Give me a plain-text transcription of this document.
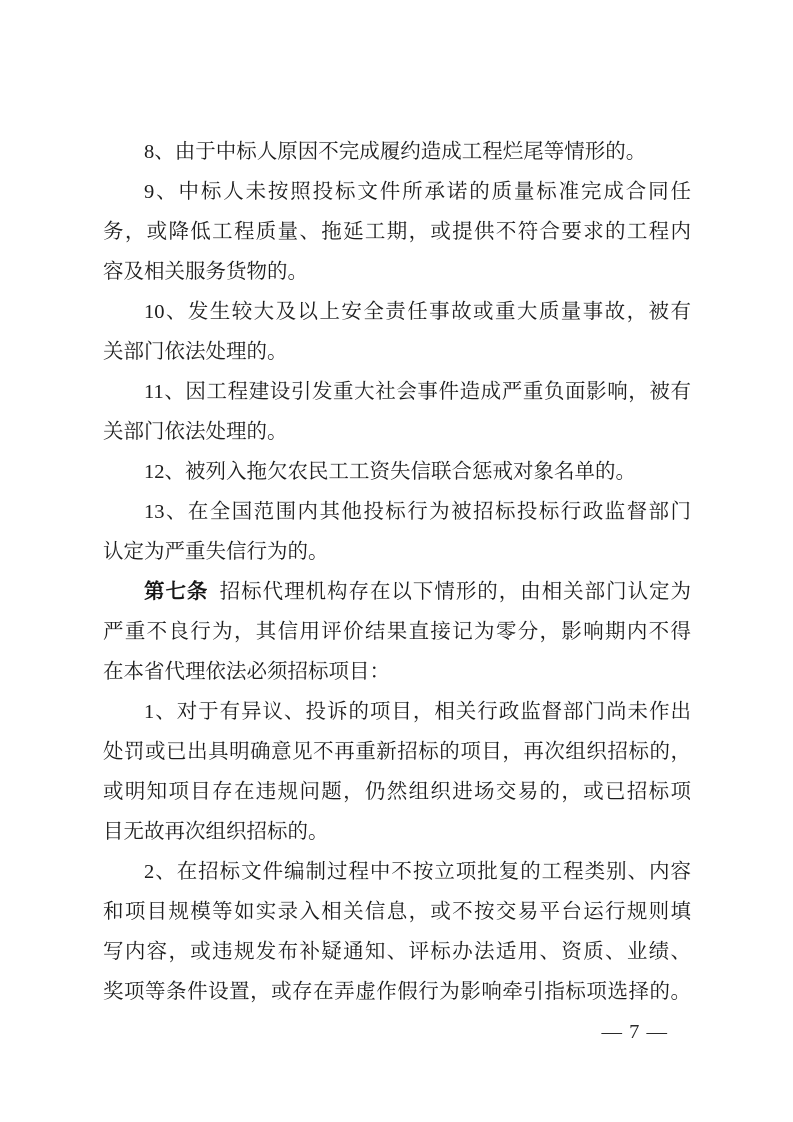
8、由于中标人原因不完成履约造成工程烂尾等情形的。
9、中标人未按照投标文件所承诺的质量标准完成合同任
务，或降低工程质量、拖延工期，或提供不符合要求的工程内
容及相关服务货物的。
10、发生较大及以上安全责任事故或重大质量事故，被有
关部门依法处理的。
11、因工程建设引发重大社会事件造成严重负面影响，被有
关部门依法处理的。
12、被列入拖欠农民工工资失信联合惩戒对象名单的。
13、在全国范围内其他投标行为被招标投标行政监督部门
认定为严重失信行为的。
第七条 招标代理机构存在以下情形的，由相关部门认定为
严重不良行为，其信用评价结果直接记为零分，影响期内不得
在本省代理依法必须招标项目：
1、对于有异议、投诉的项目，相关行政监督部门尚未作出
处罚或已出具明确意见不再重新招标的项目，再次组织招标的，
或明知项目存在违规问题，仍然组织进场交易的，或已招标项
目无故再次组织招标的。
2、在招标文件编制过程中不按立项批复的工程类别、内容
和项目规模等如实录入相关信息，或不按交易平台运行规则填
写内容，或违规发布补疑通知、评标办法适用、资质、业绩、
奖项等条件设置，或存在弄虚作假行为影响牵引指标项选择的。
— 7 —
